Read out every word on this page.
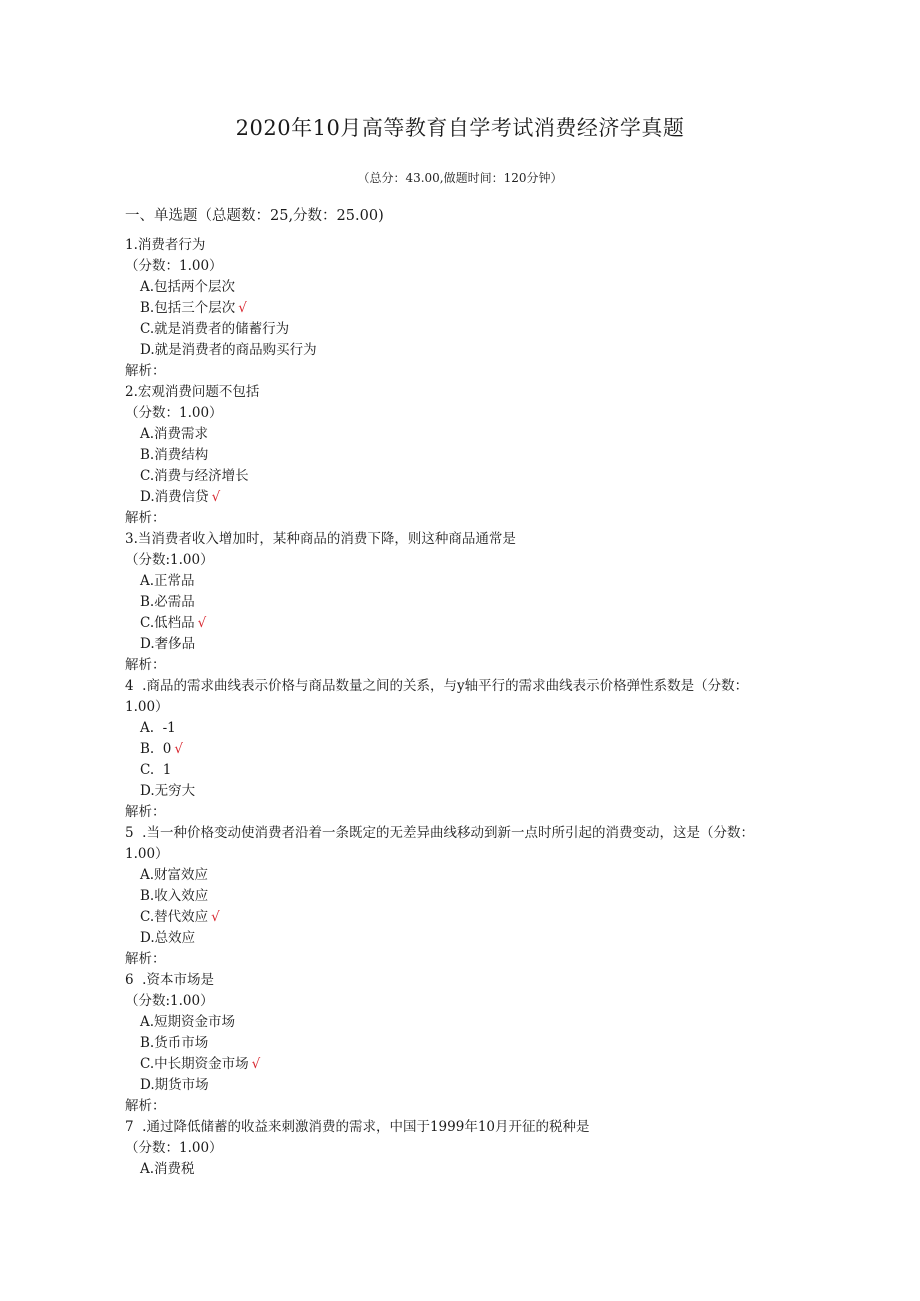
2020年10月高等教育自学考试消费经济学真题
（总分：43.00,做题时间：120分钟）
一、单选题（总题数：25,分数：25.00)
1.消费者行为
（分数：1.00）
A.包括两个层次
B.包括三个层次 √
C.就是消费者的储蓄行为
D.就是消费者的商品购买行为
解析：
2.宏观消费问题不包括
（分数：1.00）
A.消费需求
B.消费结构
C.消费与经济增长
D.消费信贷 √
解析：
3.当消费者收入增加时，某种商品的消费下降，则这种商品通常是
（分数:1.00）
A.正常品
B.必需品
C.低档品 √
D.奢侈品
解析：
4  .商品的需求曲线表示价格与商品数量之间的关系，与y轴平行的需求曲线表示价格弹性系数是（分数：1.00）
A.  -1
B.  0 √
C.  1
D.无穷大
解析：
5  .当一种价格变动使消费者沿着一条既定的无差异曲线移动到新一点时所引起的消费变动，这是（分数：1.00）
A.财富效应
B.收入效应
C.替代效应 √
D.总效应
解析：
6  .资本市场是
（分数:1.00）
A.短期资金市场
B.货币市场
C.中长期资金市场 √
D.期货市场
解析：
7  .通过降低储蓄的收益来刺激消费的需求，中国于1999年10月开征的税种是
（分数：1.00）
A.消费税
